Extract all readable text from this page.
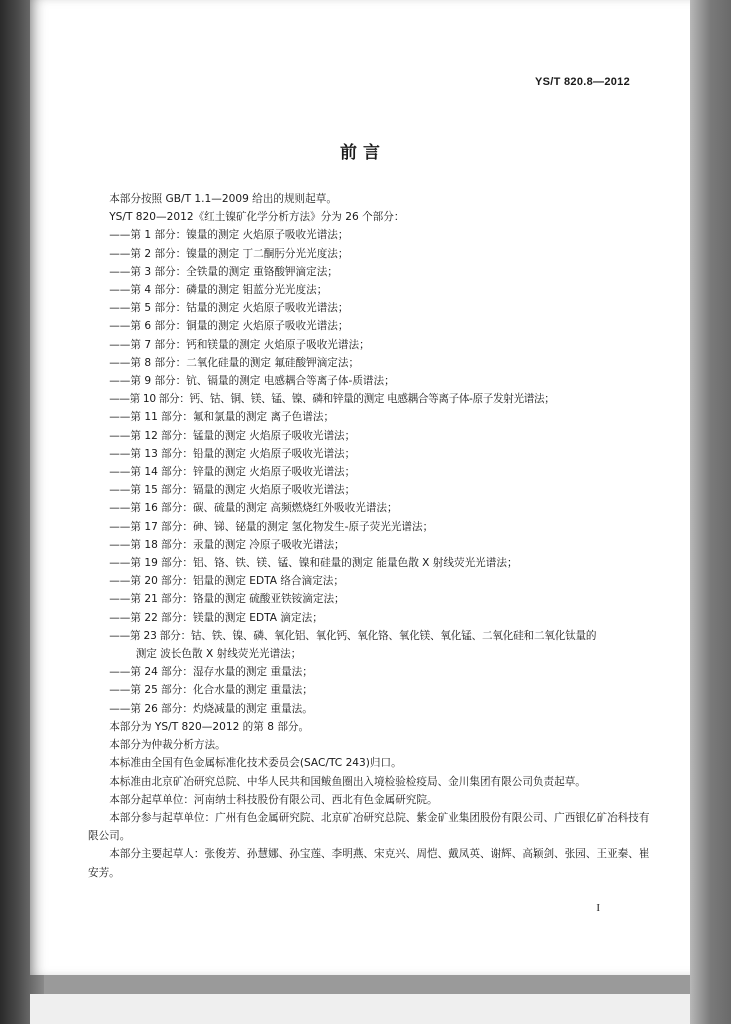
YS/T 820.8—2012
前 言

本部分按照 GB/T 1.1—2009 给出的规则起草。

YS/T 820—2012《红土镍矿化学分析方法》分为 26 个部分：

——第 1 部分：镍量的测定 火焰原子吸收光谱法；

——第 2 部分：镍量的测定 丁二酮肟分光光度法；

——第 3 部分：全铁量的测定 重铬酸钾滴定法；

——第 4 部分：磷量的测定 钼蓝分光光度法；

——第 5 部分：钴量的测定 火焰原子吸收光谱法；

——第 6 部分：铜量的测定 火焰原子吸收光谱法；

——第 7 部分：钙和镁量的测定 火焰原子吸收光谱法；

——第 8 部分：二氧化硅量的测定 氟硅酸钾滴定法；

——第 9 部分：钪、镉量的测定 电感耦合等离子体-质谱法；

——第 10 部分：钙、钴、铜、镁、锰、镍、磷和锌量的测定 电感耦合等离子体-原子发射光谱法；

——第 11 部分：氟和氯量的测定 离子色谱法；

——第 12 部分：锰量的测定 火焰原子吸收光谱法；

——第 13 部分：铅量的测定 火焰原子吸收光谱法；

——第 14 部分：锌量的测定 火焰原子吸收光谱法；

——第 15 部分：镉量的测定 火焰原子吸收光谱法；

——第 16 部分：碳、硫量的测定 高频燃烧红外吸收光谱法；

——第 17 部分：砷、锑、铋量的测定 氢化物发生-原子荧光光谱法；

——第 18 部分：汞量的测定 冷原子吸收光谱法；

——第 19 部分：铝、铬、铁、镁、锰、镍和硅量的测定 能量色散 X 射线荧光光谱法；

——第 20 部分：铝量的测定 EDTA 络合滴定法；

——第 21 部分：铬量的测定 硫酸亚铁铵滴定法；

——第 22 部分：镁量的测定 EDTA 滴定法；

——第 23 部分：钴、铁、镍、磷、氧化铝、氧化钙、氧化铬、氧化镁、氧化锰、二氧化硅和二氧化钛量的

测定 波长色散 X 射线荧光光谱法；

——第 24 部分：湿存水量的测定 重量法；

——第 25 部分：化合水量的测定 重量法；

——第 26 部分：灼烧减量的测定 重量法。

本部分为 YS/T 820—2012 的第 8 部分。

本部分为仲裁分析方法。

本标准由全国有色金属标准化技术委员会(SAC/TC 243)归口。

本标准由北京矿冶研究总院、中华人民共和国鲅鱼圈出入境检验检疫局、金川集团有限公司负责起草。

本部分起草单位：河南纳士科技股份有限公司、西北有色金属研究院。

本部分参与起草单位：广州有色金属研究院、北京矿冶研究总院、紫金矿业集团股份有限公司、广西银亿矿冶科技有限公司。

本部分主要起草人：张俊芳、孙慧娜、孙宝莲、李明燕、宋克兴、周恺、戴凤英、谢辉、高颖剑、张园、王亚秦、崔安芳。

I
